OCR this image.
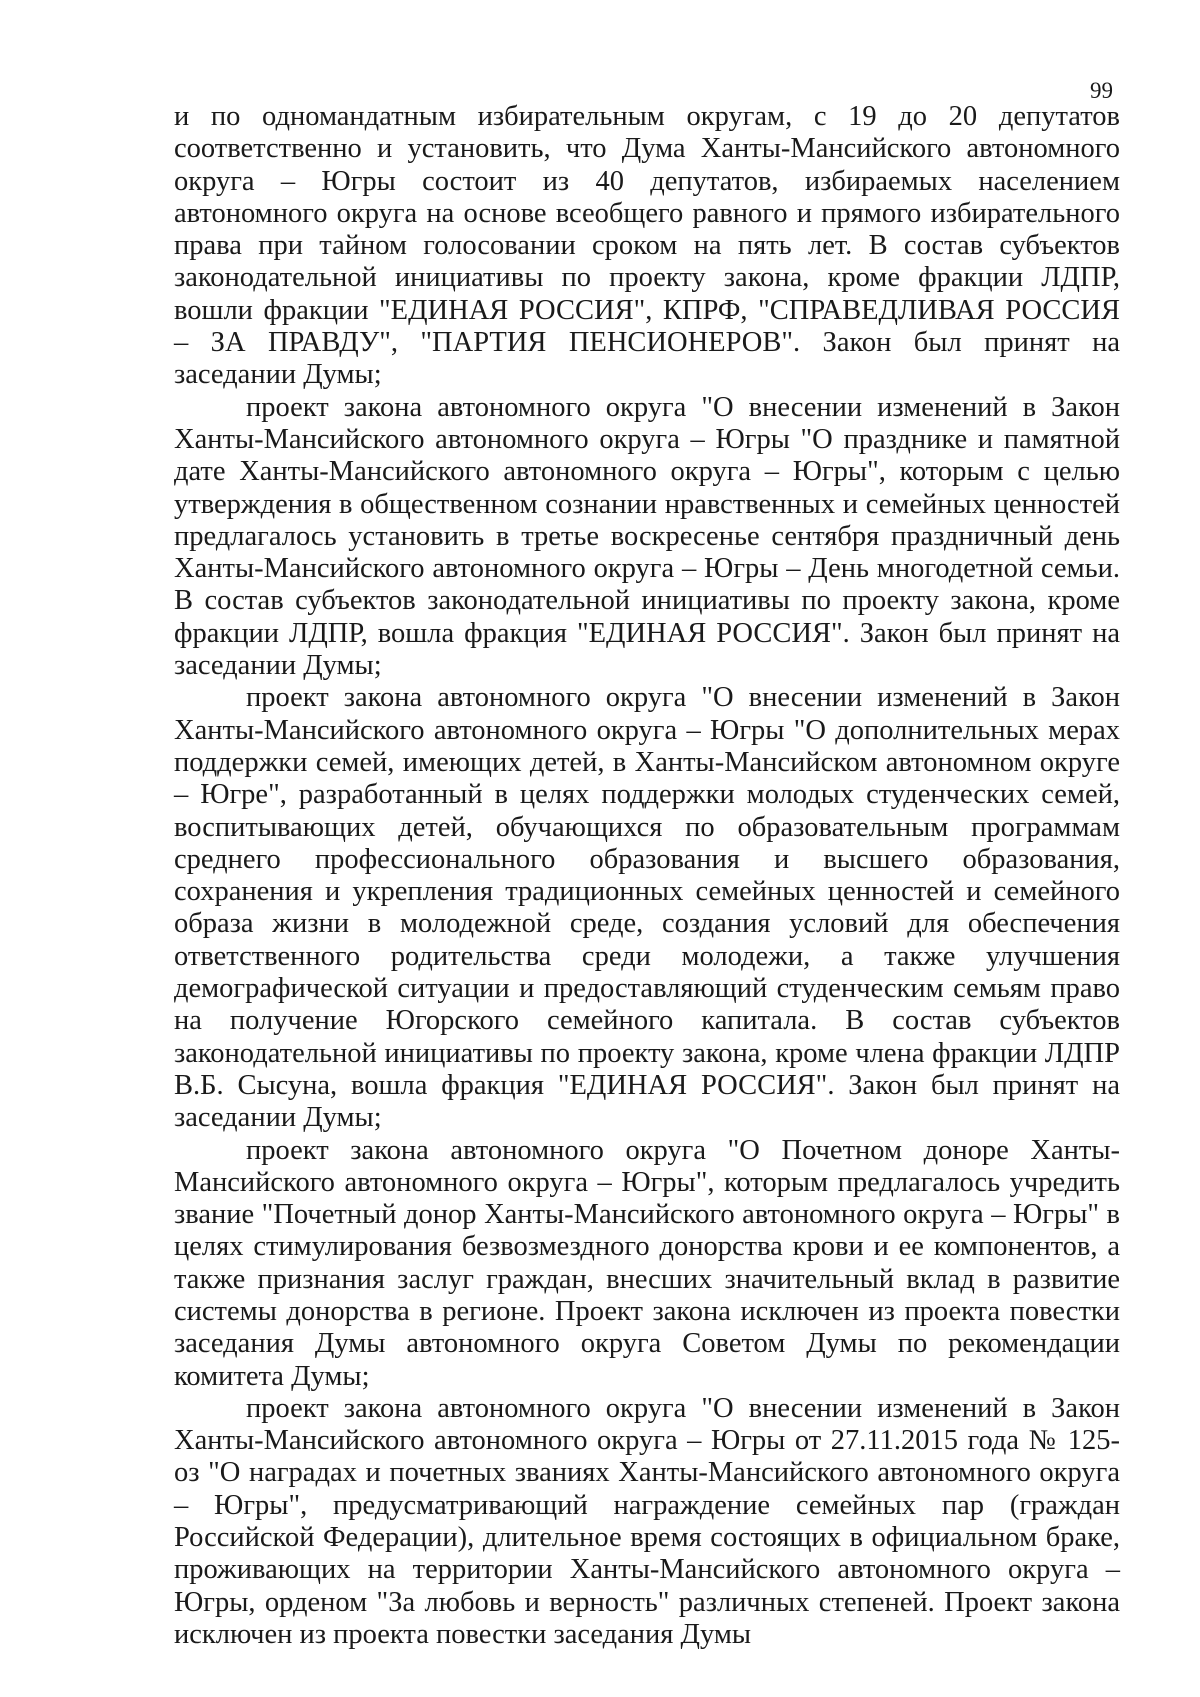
99

и по одномандатным избирательным округам, с 19 до 20 депутатов соответственно и установить, что Дума Ханты-Мансийского автономного округа – Югры состоит из 40 депутатов, избираемых населением автономного округа на основе всеобщего равного и прямого избирательного права при тайном голосовании сроком на пять лет. В состав субъектов законодательной инициативы по проекту закона, кроме фракции ЛДПР, вошли фракции "ЕДИНАЯ РОССИЯ", КПРФ, "СПРАВЕДЛИВАЯ РОССИЯ – ЗА ПРАВДУ", "ПАРТИЯ ПЕНСИОНЕРОВ". Закон был принят на заседании Думы;

проект закона автономного округа "О внесении изменений в Закон Ханты-Мансийского автономного округа – Югры "О празднике и памятной дате Ханты-Мансийского автономного округа – Югры", которым с целью утверждения в общественном сознании нравственных и семейных ценностей предлагалось установить в третье воскресенье сентября праздничный день Ханты-Мансийского автономного округа – Югры – День многодетной семьи. В состав субъектов законодательной инициативы по проекту закона, кроме фракции ЛДПР, вошла фракция "ЕДИНАЯ РОССИЯ". Закон был принят на заседании Думы;

проект закона автономного округа "О внесении изменений в Закон Ханты-Мансийского автономного округа – Югры "О дополнительных мерах поддержки семей, имеющих детей, в Ханты-Мансийском автономном округе – Югре", разработанный в целях поддержки молодых студенческих семей, воспитывающих детей, обучающихся по образовательным программам среднего профессионального образования и высшего образования, сохранения и укрепления традиционных семейных ценностей и семейного образа жизни в молодежной среде, создания условий для обеспечения ответственного родительства среди молодежи, а также улучшения демографической ситуации и предоставляющий студенческим семьям право на получение Югорского семейного капитала. В состав субъектов законодательной инициативы по проекту закона, кроме члена фракции ЛДПР В.Б. Сысуна, вошла фракция "ЕДИНАЯ РОССИЯ". Закон был принят на заседании Думы;

проект закона автономного округа "О Почетном доноре Ханты-Мансийского автономного округа – Югры", которым предлагалось учредить звание "Почетный донор Ханты-Мансийского автономного округа – Югры" в целях стимулирования безвозмездного донорства крови и ее компонентов, а также признания заслуг граждан, внесших значительный вклад в развитие системы донорства в регионе. Проект закона исключен из проекта повестки заседания Думы автономного округа Советом Думы по рекомендации комитета Думы;

проект закона автономного округа "О внесении изменений в Закон Ханты-Мансийского автономного округа – Югры от 27.11.2015 года № 125-оз "О наградах и почетных званиях Ханты-Мансийского автономного округа – Югры", предусматривающий награждение семейных пар (граждан Российской Федерации), длительное время состоящих в официальном браке, проживающих на территории Ханты-Мансийского автономного округа – Югры, орденом "За любовь и верность" различных степеней. Проект закона исключен из проекта повестки заседания Думы
